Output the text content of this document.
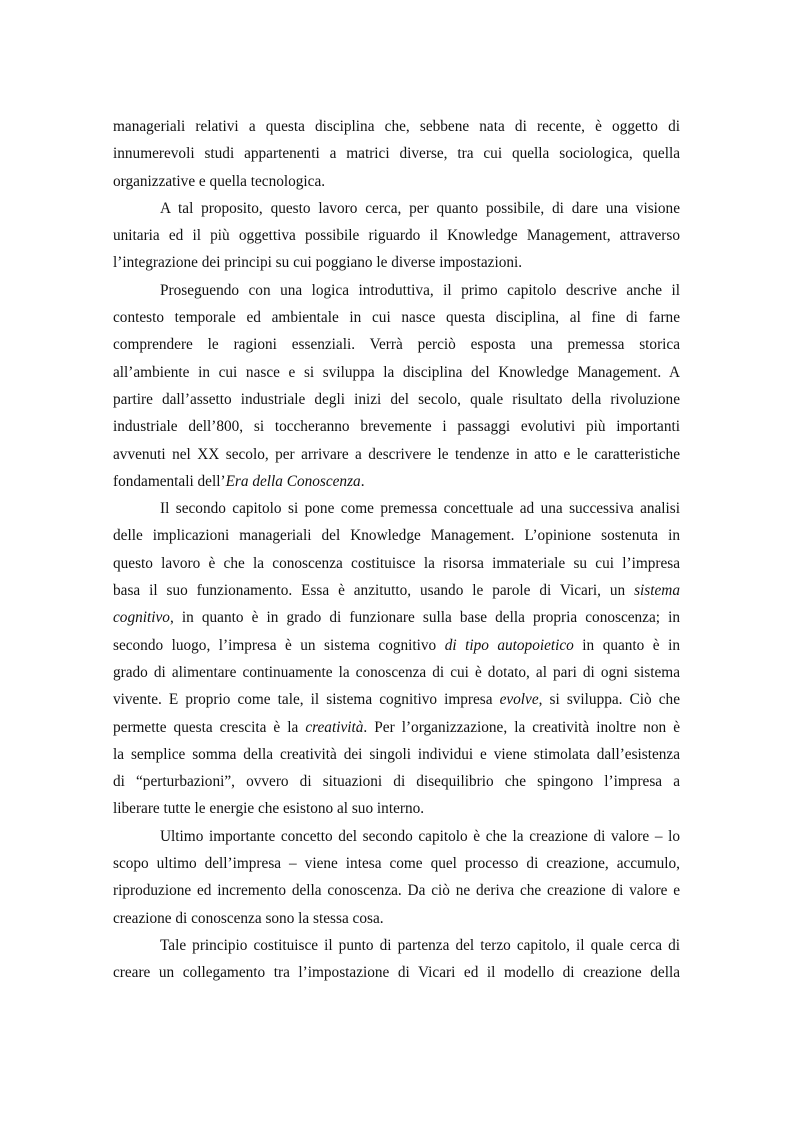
manageriali relativi a questa disciplina che, sebbene nata di recente, è oggetto di
innumerevoli studi appartenenti a matrici diverse, tra cui quella sociologica, quella
organizzative e quella tecnologica.
A tal proposito, questo lavoro cerca, per quanto possibile, di dare una visione
unitaria ed il più oggettiva possibile riguardo il Knowledge Management, attraverso
l’integrazione dei principi su cui poggiano le diverse impostazioni.
Proseguendo con una logica introduttiva, il primo capitolo descrive anche il
contesto temporale ed ambientale in cui nasce questa disciplina, al fine di farne
comprendere le ragioni essenziali. Verrà perciò esposta una premessa storica
all’ambiente in cui nasce e si sviluppa la disciplina del Knowledge Management. A
partire dall’assetto industriale degli inizi del secolo, quale risultato della rivoluzione
industriale dell’800, si toccheranno brevemente i passaggi evolutivi più importanti
avvenuti nel XX secolo, per arrivare a descrivere le tendenze in atto e le caratteristiche
fondamentali dell’Era della Conoscenza.
Il secondo capitolo si pone come premessa concettuale ad una successiva analisi
delle implicazioni manageriali del Knowledge Management. L’opinione sostenuta in
questo lavoro è che la conoscenza costituisce la risorsa immateriale su cui l’impresa
basa il suo funzionamento. Essa è anzitutto, usando le parole di Vicari, un sistema
cognitivo, in quanto è in grado di funzionare sulla base della propria conoscenza; in
secondo luogo, l’impresa è un sistema cognitivo di tipo autopoietico in quanto è in
grado di alimentare continuamente la conoscenza di cui è dotato, al pari di ogni sistema
vivente. E proprio come tale, il sistema cognitivo impresa evolve, si sviluppa. Ciò che
permette questa crescita è la creatività. Per l’organizzazione, la creatività inoltre non è
la semplice somma della creatività dei singoli individui e viene stimolata dall’esistenza
di “perturbazioni”, ovvero di situazioni di disequilibrio che spingono l’impresa a
liberare tutte le energie che esistono al suo interno.
Ultimo importante concetto del secondo capitolo è che la creazione di valore – lo
scopo ultimo dell’impresa – viene intesa come quel processo di creazione, accumulo,
riproduzione ed incremento della conoscenza. Da ciò ne deriva che creazione di valore e
creazione di conoscenza sono la stessa cosa.
Tale principio costituisce il punto di partenza del terzo capitolo, il quale cerca di
creare un collegamento tra l’impostazione di Vicari ed il modello di creazione della
